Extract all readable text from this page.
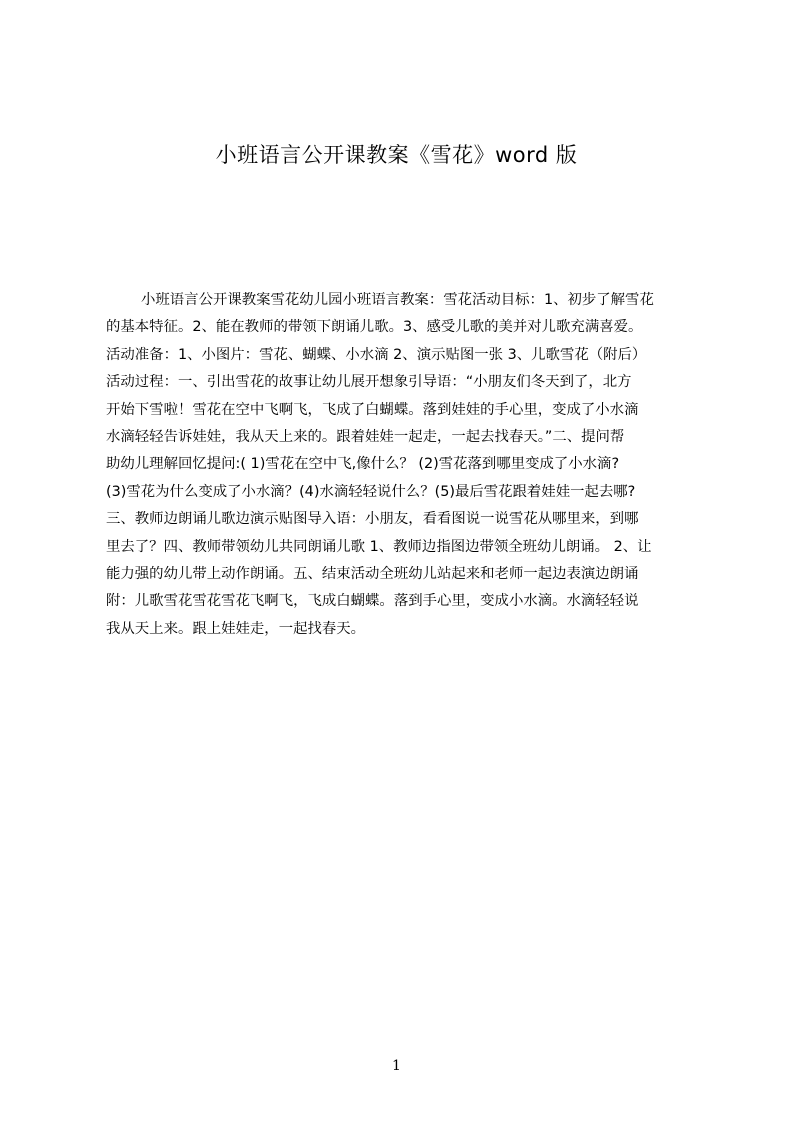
小班语言公开课教案《雪花》word 版
小班语言公开课教案雪花幼儿园小班语言教案：雪花活动目标：1、初步了解雪花
的基本特征。2、能在教师的带领下朗诵儿歌。3、感受儿歌的美并对儿歌充满喜爱。
活动准备：1、小图片：雪花、蝴蝶、小水滴 2、演示贴图一张 3、儿歌雪花（附后）
活动过程：一、引出雪花的故事让幼儿展开想象引导语：“小朋友们冬天到了，北方
开始下雪啦！雪花在空中飞啊飞，飞成了白蝴蝶。落到娃娃的手心里，变成了小水滴
水滴轻轻告诉娃娃，我从天上来的。跟着娃娃一起走，一起去找春天。”二、提问帮
助幼儿理解回忆提问:( 1)雪花在空中飞,像什么？ (2)雪花落到哪里变成了小水滴?
(3)雪花为什么变成了小水滴？(4)水滴轻轻说什么？(5)最后雪花跟着娃娃一起去哪?
三、教师边朗诵儿歌边演示贴图导入语：小朋友，看看图说一说雪花从哪里来，到哪
里去了？四、教师带领幼儿共同朗诵儿歌 1、教师边指图边带领全班幼儿朗诵。 2、让
能力强的幼儿带上动作朗诵。五、结束活动全班幼儿站起来和老师一起边表演边朗诵
附：儿歌雪花雪花雪花飞啊飞，飞成白蝴蝶。落到手心里，变成小水滴。水滴轻轻说
我从天上来。跟上娃娃走，一起找春天。
1
